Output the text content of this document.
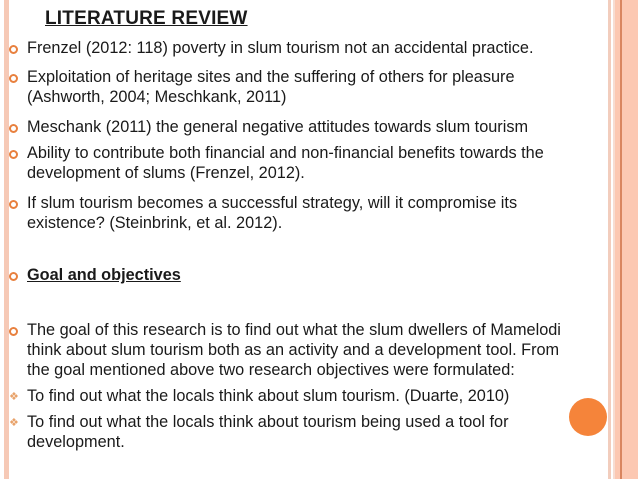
LITERATURE REVIEW
Frenzel (2012: 118) poverty in slum tourism not an accidental practice.
Exploitation of heritage sites and the suffering of others for pleasure
(Ashworth, 2004; Meschkank, 2011)
Meschank (2011) the general negative attitudes towards slum tourism
Ability to contribute both financial and non-financial benefits towards the
development of slums (Frenzel, 2012).
If slum tourism becomes a successful strategy, will it compromise its
existence? (Steinbrink, et al. 2012).
Goal and objectives
The goal of this research is to find out what the slum dwellers of Mamelodi
think about slum tourism both as an activity and a development tool. From
the goal mentioned above two research objectives were formulated:
❖ To find out what the locals think about slum tourism. (Duarte, 2010)
❖ To find out what the locals think about tourism being used a tool for
development.
